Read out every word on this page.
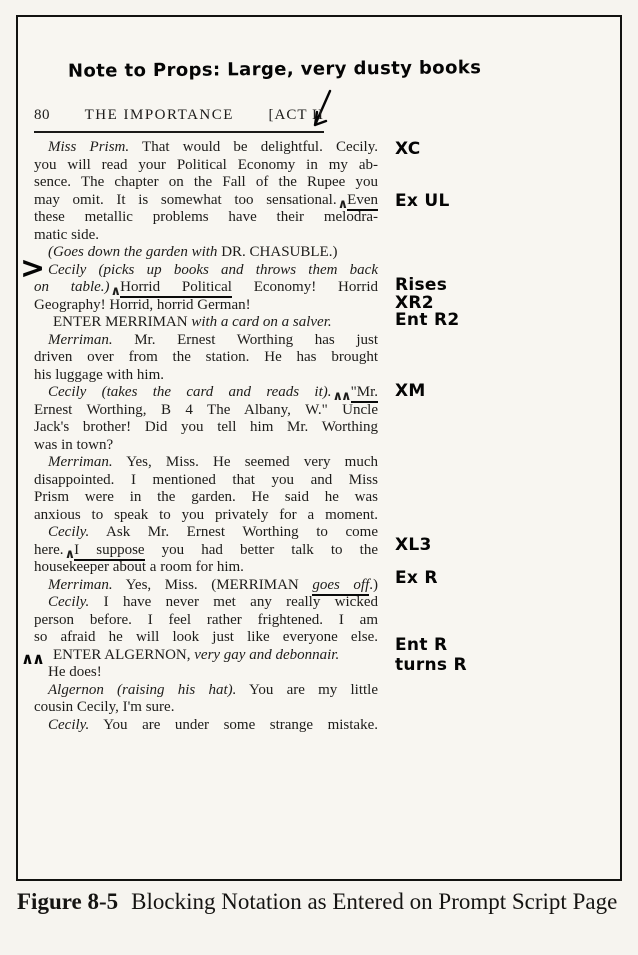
Note to Props: Large, very dusty books
80 THE IMPORTANCE [ACT II
Miss Prism. That would be delightful. Cecily.
you will read your Political Economy in my ab-
sence. The chapter on the Fall of the Rupee you
may omit. It is somewhat too sensational.∧Even
these metallic problems have their melodra-
matic side.
(Goes down the garden with DR. CHASUBLE.)
Cecily (picks up books and throws them back
on table.)∧Horrid Political Economy! Horrid
Geography! Horrid, horrid German!
ENTER MERRIMAN with a card on a salver.
Merriman. Mr. Ernest Worthing has just
driven over from the station. He has brought
his luggage with him.
Cecily (takes the card and reads it).∧∧"Mr.
Ernest Worthing, B 4 The Albany, W." Uncle
Jack's brother! Did you tell him Mr. Worthing
was in town?
Merriman. Yes, Miss. He seemed very much
disappointed. I mentioned that you and Miss
Prism were in the garden. He said he was
anxious to speak to you privately for a moment.
Cecily. Ask Mr. Ernest Worthing to come
here.∧I suppose you had better talk to the
housekeeper about a room for him.
Merriman. Yes, Miss. (MERRIMAN goes off.)
Cecily. I have never met any really wicked
person before. I feel rather frightened. I am
so afraid he will look just like everyone else.
ENTER ALGERNON, very gay and debonnair.
He does!
Algernon (raising his hat). You are my little
cousin Cecily, I'm sure.
Cecily. You are under some strange mistake.
XC
Ex UL
Rises
XR2
Ent R2
XM
XL3
Ex R
Ent R
turns R
>
∧∧
Figure 8-5 Blocking Notation as Entered on Prompt Script Page
